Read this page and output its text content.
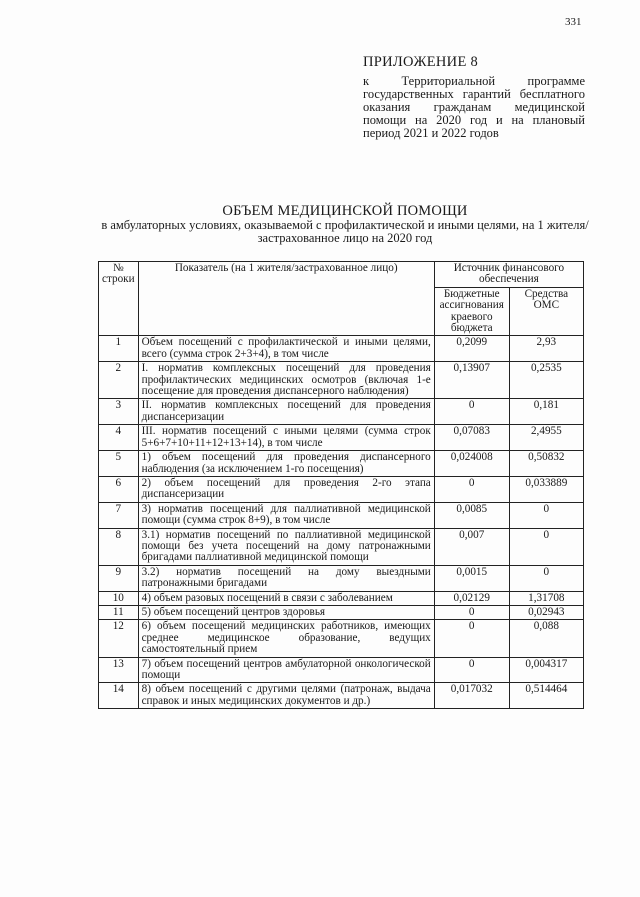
331
ПРИЛОЖЕНИЕ 8
к Территориальной программе государственных гарантий бесплатного оказания гражданам медицинской помощи на 2020 год и на плановый период 2021 и 2022 годов
ОБЪЕМ МЕДИЦИНСКОЙ ПОМОЩИ
в амбулаторных условиях, оказываемой с профилактической и иными целями, на 1 жителя/застрахованное лицо на 2020 год
№ строки	Показатель (на 1 жителя/застрахованное лицо)	Источник финансового обеспечения	
		Бюджетные ассигнования краевого бюджета	Средства ОМС
1	Объем посещений с профилактической и иными целями, всего (сумма строк 2+3+4), в том числе	0,2099	2,93
2	I. норматив комплексных посещений для проведения профилактических медицинских осмотров (включая 1-е посещение для проведения диспансерного наблюдения)	0,13907	0,2535
3	II. норматив комплексных посещений для проведения диспансеризации	0	0,181
4	III. норматив посещений с иными целями (сумма строк 5+6+7+10+11+12+13+14), в том числе	0,07083	2,4955
5	1) объем посещений для проведения диспансерного наблюдения (за исключением 1-го посещения)	0,024008	0,50832
6	2) объем посещений для проведения 2-го этапа диспансеризации	0	0,033889
7	3) норматив посещений для паллиативной медицинской помощи (сумма строк 8+9), в том числе	0,0085	0
8	3.1) норматив посещений по паллиативной медицинской помощи без учета посещений на дому патронажными бригадами паллиативной медицинской помощи	0,007	0
9	3.2) норматив посещений на дому выездными патронажными бригадами	0,0015	0
10	4) объем разовых посещений в связи с заболеванием	0,02129	1,31708
11	5) объем посещений центров здоровья	0	0,02943
12	6) объем посещений медицинских работников, имеющих среднее медицинское образование, ведущих самостоятельный прием	0	0,088
13	7) объем посещений центров амбулаторной онкологической помощи	0	0,004317
14	8) объем посещений с другими целями (патронаж, выдача справок и иных медицинских документов и др.)	0,017032	0,514464
